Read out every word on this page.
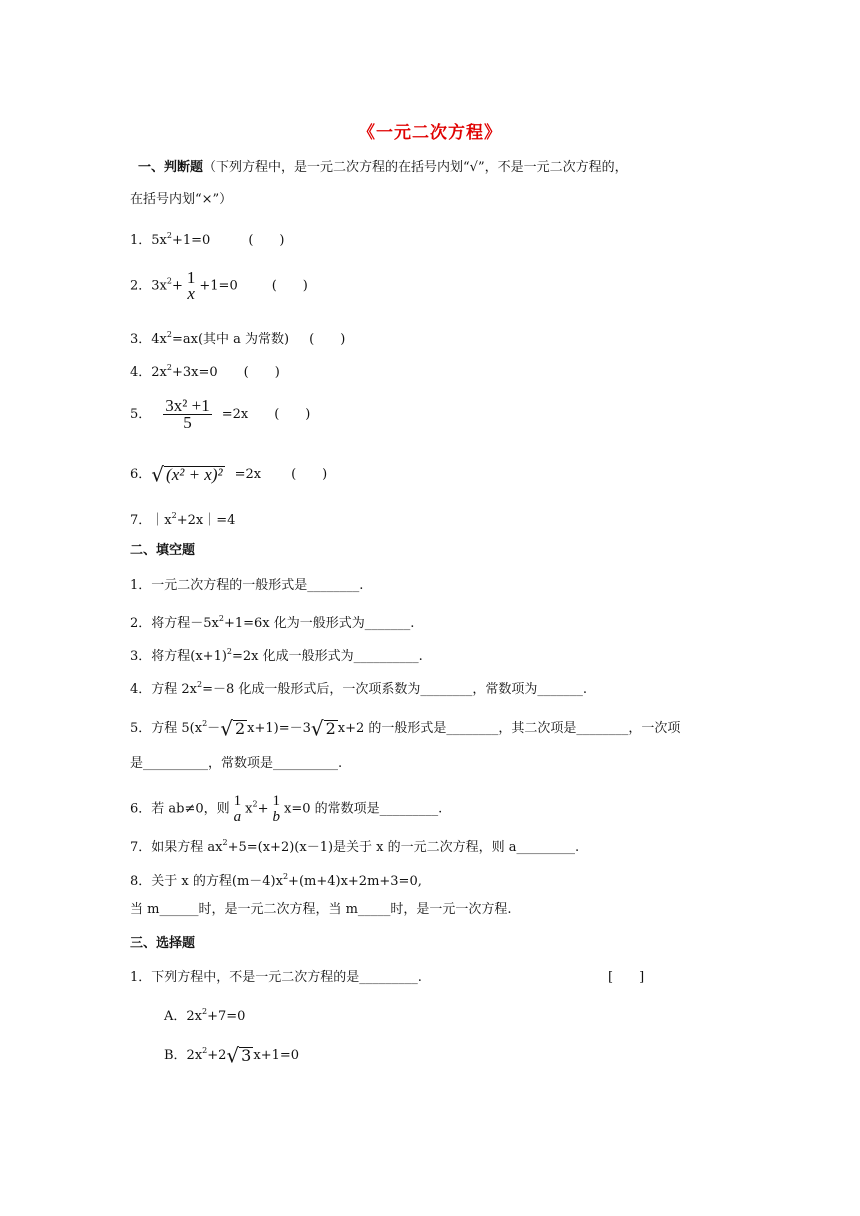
《一元二次方程》
一、判断题（下列方程中，是一元二次方程的在括号内划“√”，不是一元二次方程的，
在括号内划“×”）
1．$5x^2+1=0$	(　　)
2．$3x^2+ 1$
x +1=0	(　　)
3．$4x^2=ax$(其中 a 为常数) (　　)
4．$2x^2+3x=0$ (　　)
5． $\frac{\text{3x² +1}}{5} =2x$ (　　)
6．√ (x² + x)² =2x (　　)
7．$|x^2+2x|=4$
二、填空题
1．一元二次方程的一般形式是________.
2．将方程$-5x^2+1=6x$ 化为一般形式为_______.
3．将方程$(x+1)^2=2x$ 化成一般形式为__________.
4．方程 $2x^2=-8$ 化成一般形式后，一次项系数为________，常数项为_______.
5．方程 $5(x^2-√$ 2 x+1)=－3√ 2 x+2 的一般形式是________，其二次项是________，一次项
是__________，常数项是__________.
6．若 ab≠0，则 1
a $x^2+ 1$
b x=0 的常数项是_________.
7．如果方程 $ax^2+5=(x+2)(x-1)$是关于 x 的一元二次方程，则 a_________.
8．关于 x 的方程$(m-4)x^2+(m+4)x+2m+3=0$,
当 m______时，是一元二次方程，当 m_____时，是一元一次方程.
三、选择题
1．下列方程中，不是一元二次方程的是_________.	[　　]
A．$2x^2+7=0$
B．$2x^2+2√$ 3 x+1=0
